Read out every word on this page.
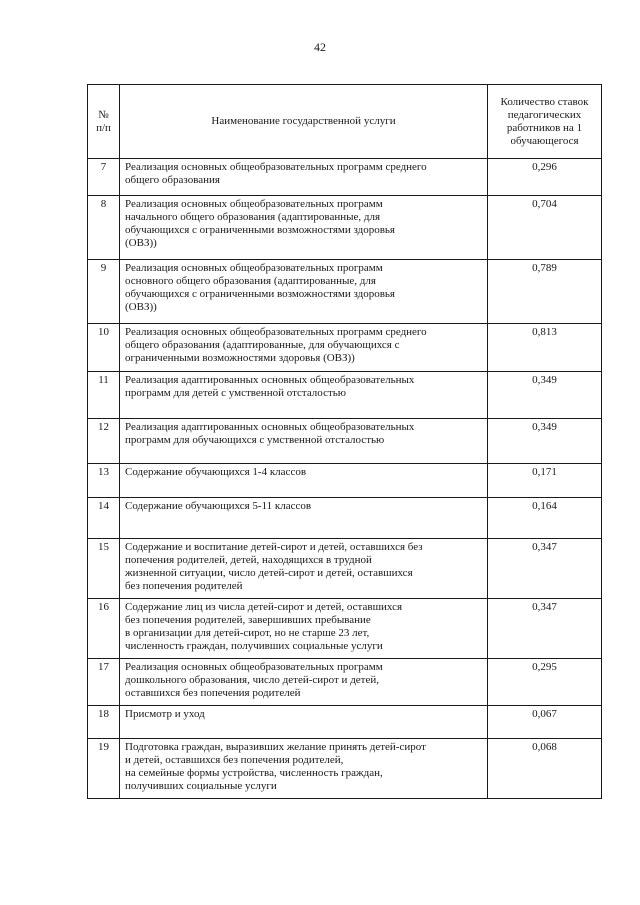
42
№
п/п	Наименование государственной услуги	Количество ставок педагогических работников на 1 обучающегося
7	Реализация основных общеобразовательных программ среднего
общего образования	0,296
8	Реализация основных общеобразовательных программ
начального общего образования (адаптированные, для
обучающихся с ограниченными возможностями здоровья
(ОВЗ))	0,704
9	Реализация основных общеобразовательных программ
основного общего образования (адаптированные, для
обучающихся с ограниченными возможностями здоровья
(ОВЗ))	0,789
10	Реализация основных общеобразовательных программ среднего
общего образования (адаптированные, для обучающихся с
ограниченными возможностями здоровья (ОВЗ))	0,813
11	Реализация адаптированных основных общеобразовательных
программ для детей с умственной отсталостью	0,349
12	Реализация адаптированных основных общеобразовательных
программ для обучающихся с умственной отсталостью	0,349
13	Содержание обучающихся 1-4 классов	0,171
14	Содержание обучающихся 5-11 классов	0,164
15	Содержание и воспитание детей-сирот и детей, оставшихся без
попечения родителей, детей, находящихся в трудной
жизненной ситуации, число детей-сирот и детей, оставшихся
без попечения родителей	0,347
16	Содержание лиц из числа детей-сирот и детей, оставшихся
без попечения родителей, завершивших пребывание
в организации для детей-сирот, но не старше 23 лет,
численность граждан, получивших социальные услуги	0,347
17	Реализация основных общеобразовательных программ
дошкольного образования, число детей-сирот и детей,
оставшихся без попечения родителей	0,295
18	Присмотр и уход	0,067
19	Подготовка граждан, выразивших желание принять детей-сирот
и детей, оставшихся без попечения родителей,
на семейные формы устройства, численность граждан,
получивших социальные услуги	0,068
